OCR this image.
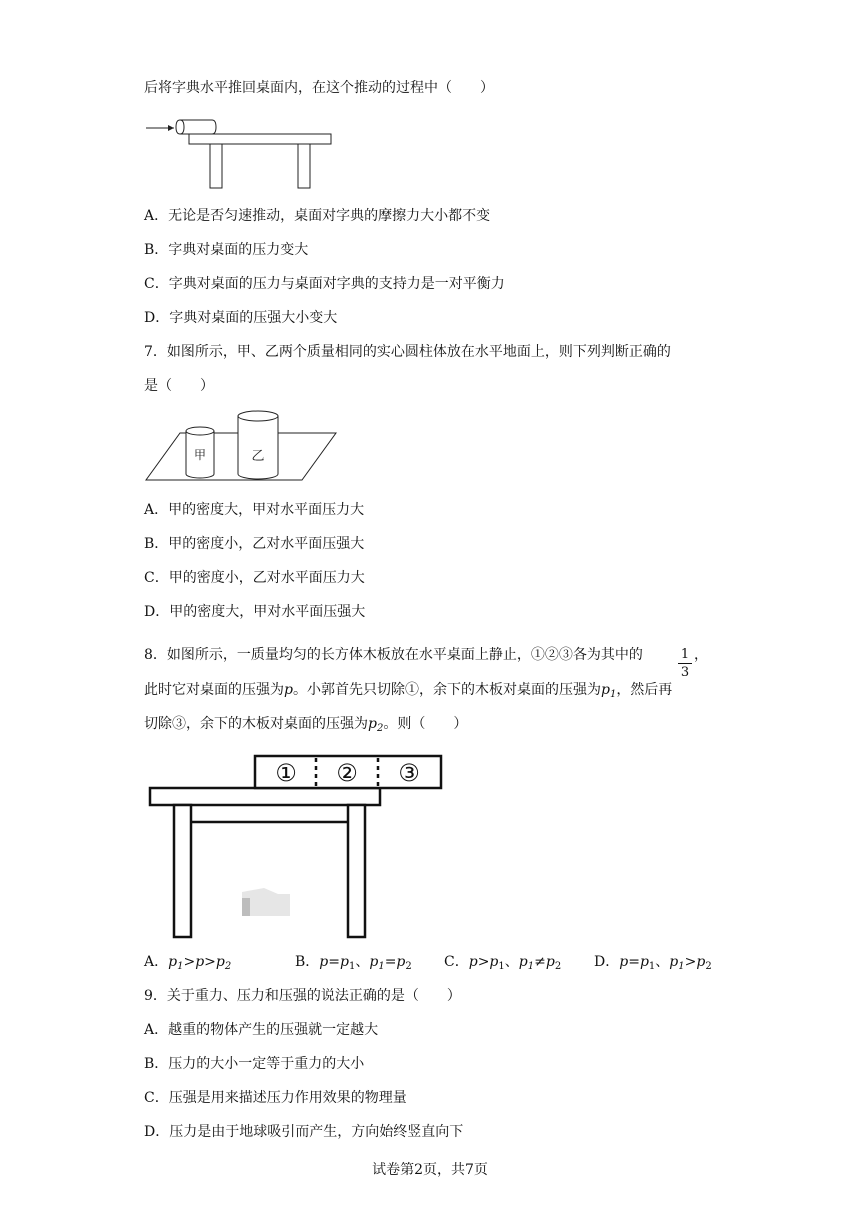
后将字典水平推回桌面内，在这个推动的过程中（　　）
A．无论是否匀速推动，桌面对字典的摩擦力大小都不变
B．字典对桌面的压力变大
C．字典对桌面的压力与桌面对字典的支持力是一对平衡力
D．字典对桌面的压强大小变大
7．如图所示，甲、乙两个质量相同的实心圆柱体放在水平地面上，则下列判断正确的
是（　　）
甲	乙
A．甲的密度大，甲对水平面压力大
B．甲的密度小，乙对水平面压强大
C．甲的密度小，乙对水平面压力大
D．甲的密度大，甲对水平面压强大
8．如图所示，一质量均匀的长方体木板放在水平桌面上静止，①②③各为其中的	$\frac{1}{3}$ ，
此时它对桌面的压强为p。小郭首先只切除①，余下的木板对桌面的压强为$p_1$，然后再
切除③，余下的木板对桌面的压强为$p_2$。则（　　）
① ② ③
A．$p_1>p>p_2$	B．$p=p_1$、$p_1=p_2$ C．$p>p_1$、$p_1\ne p_2$ D．$p=p_1$、$p_1>p_2$
9．关于重力、压力和压强的说法正确的是（　　）
A．越重的物体产生的压强就一定越大
B．压力的大小一定等于重力的大小
C．压强是用来描述压力作用效果的物理量
D．压力是由于地球吸引而产生，方向始终竖直向下
试卷第2页，共7页
